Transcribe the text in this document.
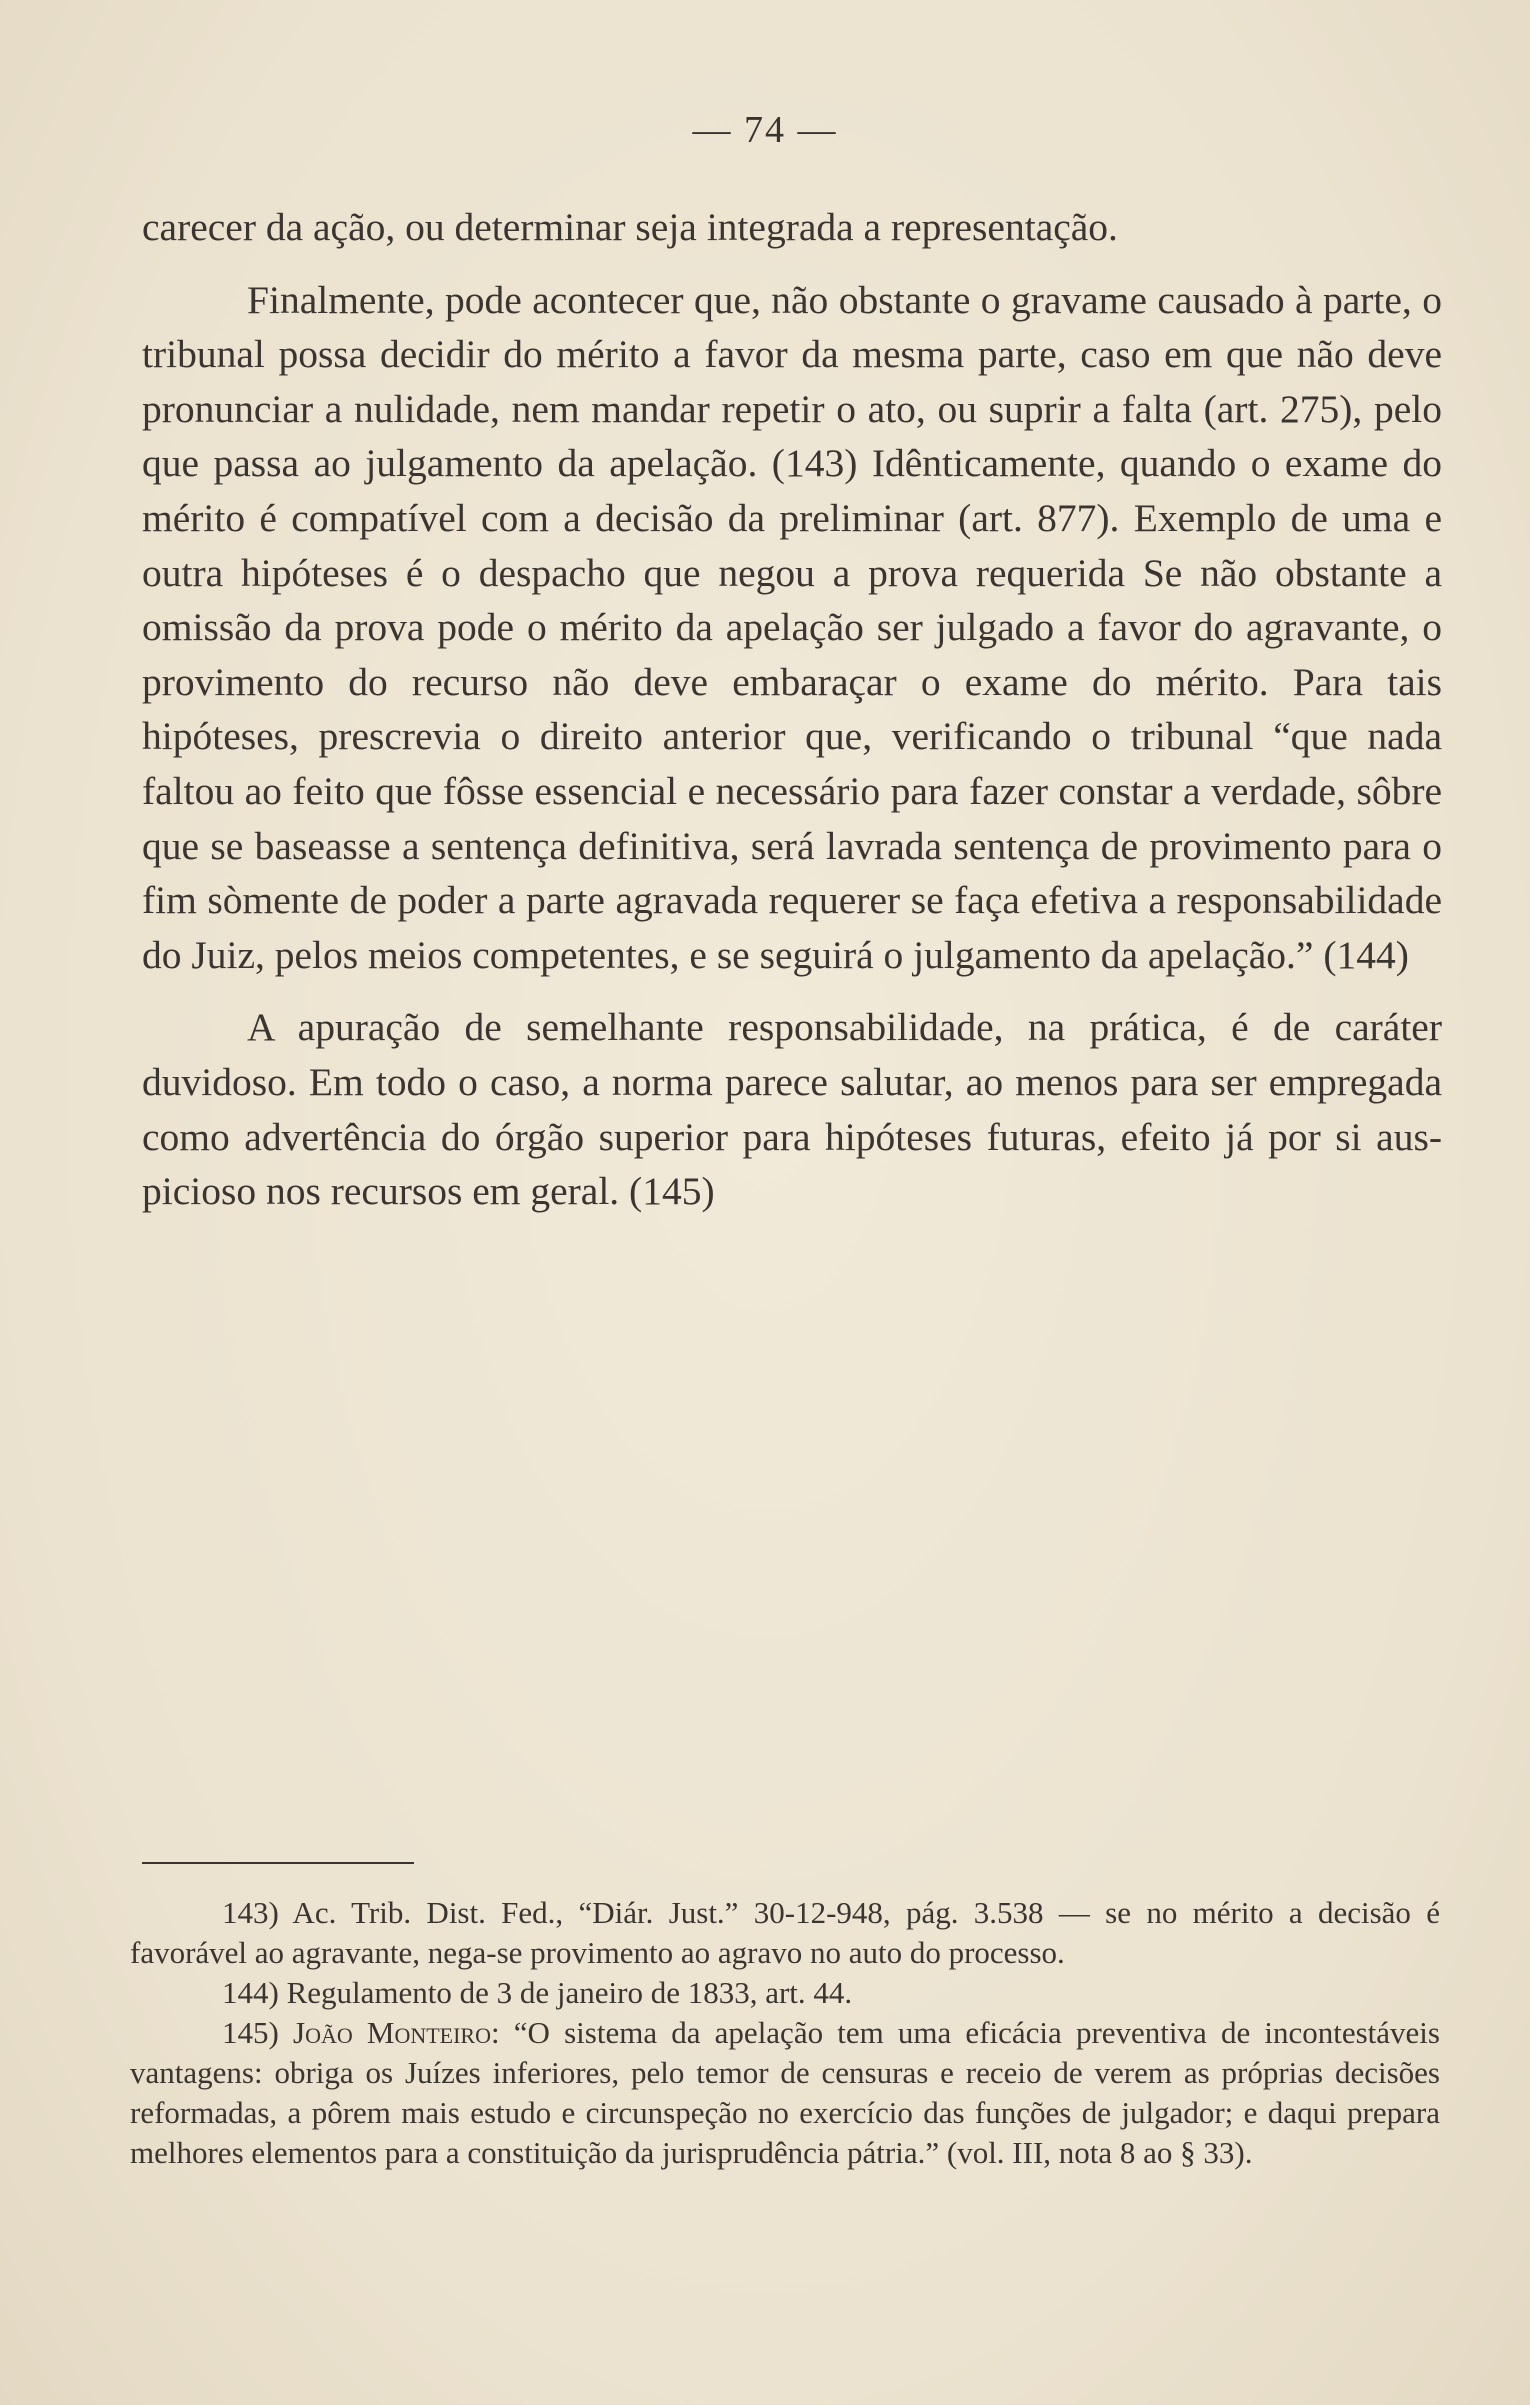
— 74 —

carecer da ação, ou determinar seja integrada a representação.

Finalmente, pode acontecer que, não obstante o gravame causado à parte, o tribunal possa decidir do mérito a favor da mesma parte, caso em que não deve pronunciar a nulidade, nem mandar repetir o ato, ou suprir a falta (art. 275), pelo que passa ao julgamento da apelação. (143) Idênticamente, quando o exame do mérito é compatível com a decisão da preliminar (art. 877). Exemplo de uma e outra hipóteses é o despacho que negou a prova requerida Se não obstante a omissão da prova pode o mérito da apelação ser julgado a favor do agravante, o provimento do recurso não deve embaraçar o exame do mérito. Para tais hipóteses, prescrevia o direito anterior que, verificando o tribunal “que nada faltou ao feito que fôsse essencial e necessário para fazer constar a verdade, sôbre que se baseasse a sentença definitiva, será lavrada sentença de provimento para o fim sòmente de poder a parte agravada requerer se faça efetiva a responsabilidade do Juiz, pelos meios competentes, e se seguirá o julgamento da apelação.” (144)

A apuração de semelhante responsabilidade, na prática, é de caráter duvidoso. Em todo o caso, a norma parece salutar, ao menos para ser empregada como advertência do órgão superior para hipóteses futuras, efeito já por si auspicioso nos recursos em geral. (145)

143) Ac. Trib. Dist. Fed., “Diár. Just.” 30-12-948, pág. 3.538 — se no mérito a decisão é favorável ao agravante, nega-se provimento ao agravo no auto do processo.

144) Regulamento de 3 de janeiro de 1833, art. 44.

145) João Monteiro: “O sistema da apelação tem uma eficácia preventiva de incontestáveis vantagens: obriga os Juízes inferiores, pelo temor de censuras e receio de verem as próprias decisões reformadas, a pôrem mais estudo e circunspeção no exercício das funções de julgador; e daqui prepara melhores elementos para a constituição da jurisprudência pátria.” (vol. III, nota 8 ao § 33).
